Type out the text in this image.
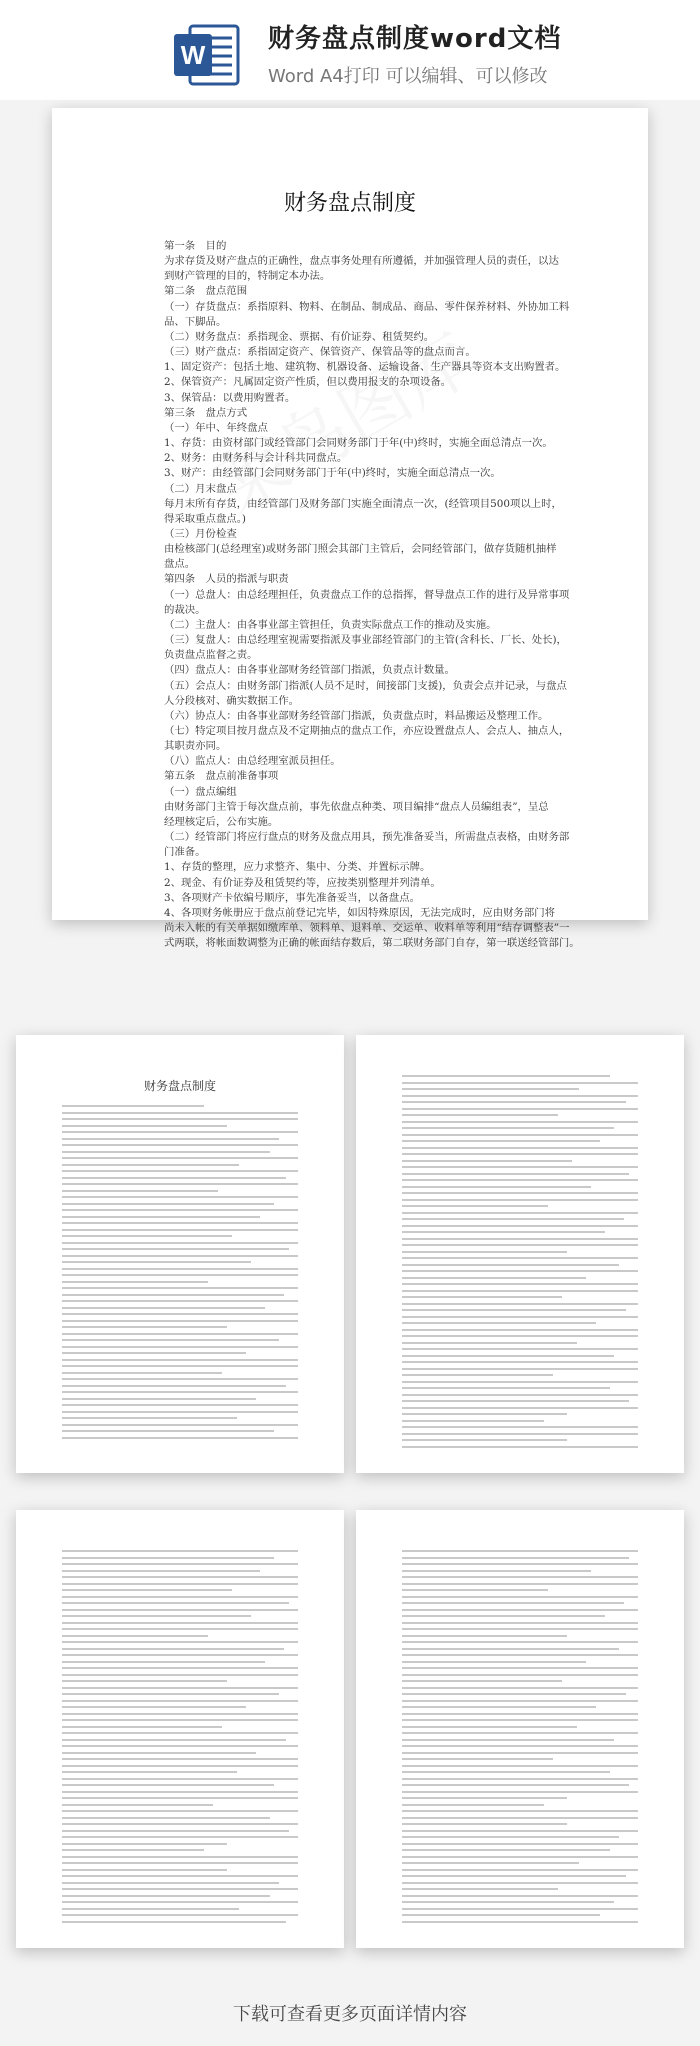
W
财务盘点制度word文档
Word A4打印 可以编辑、可以修改
财务盘点制度
第一条　目的
为求存货及财产盘点的正确性，盘点事务处理有所遵循，并加强管理人员的责任，以达
到财产管理的目的，特制定本办法。
第二条　盘点范围
（一）存货盘点：系指原料、物料、在制品、制成品、商品、零件保养材料、外协加工料
品、下脚品。
（二）财务盘点：系指现金、票据、有价证券、租赁契约。
（三）财产盘点：系指固定资产、保管资产、保管品等的盘点而言。
1、固定资产：包括土地、建筑物、机器设备、运输设备、生产器具等资本支出购置者。
2、保管资产：凡属固定资产性质，但以费用报支的杂项设备。
3、保管品：以费用购置者。
第三条　盘点方式
（一）年中、年终盘点
1、存货：由资材部门或经管部门会同财务部门于年(中)终时，实施全面总清点一次。
2、财务：由财务科与会计科共同盘点。
3、财产：由经管部门会同财务部门于年(中)终时，实施全面总清点一次。
（二）月末盘点
每月末所有存货，由经管部门及财务部门实施全面清点一次，(经管项目500项以上时，
得采取重点盘点。)
（三）月份检查
由检核部门(总经理室)或财务部门照会其部门主管后，会同经管部门，做存货随机抽样
盘点。
第四条　人员的指派与职责
（一）总盘人：由总经理担任，负责盘点工作的总指挥，督导盘点工作的进行及异常事项
的裁决。
（二）主盘人：由各事业部主管担任，负责实际盘点工作的推动及实施。
（三）复盘人：由总经理室视需要指派及事业部经管部门的主管(含科长、厂长、处长)，
负责盘点监督之责。
（四）盘点人：由各事业部财务经管部门指派，负责点计数量。
（五）会点人：由财务部门指派(人员不足时，间接部门支援)，负责会点并记录，与盘点
人分段核对、确实数据工作。
（六）协点人：由各事业部财务经管部门指派，负责盘点时，料品搬运及整理工作。
（七）特定项目按月盘点及不定期抽点的盘点工作，亦应设置盘点人、会点人、抽点人，
其职责亦同。
（八）监点人：由总经理室派员担任。
第五条　盘点前准备事项
（一）盘点编组
由财务部门主管于每次盘点前，事先依盘点种类、项目编排“盘点人员编组表”，呈总
经理核定后，公布实施。
（二）经管部门将应行盘点的财务及盘点用具，预先准备妥当，所需盘点表格，由财务部
门准备。
1、存货的整理，应力求整齐、集中、分类、并置标示牌。
2、现金、有价证券及租赁契约等，应按类别整理并列清单。
3、各项财产卡依编号顺序，事先准备妥当，以备盘点。
4、各项财务帐册应于盘点前登记完毕，如因特殊原因，无法完成时，应由财务部门将
尚未入帐的有关单据如缴库单、领料单、退料单、交运单、收料单等利用“结存调整表”一
式两联，将帐面数调整为正确的帐面结存数后，第二联财务部门自存，第一联送经管部门。
财务盘点制度
下载可查看更多页面详情内容
